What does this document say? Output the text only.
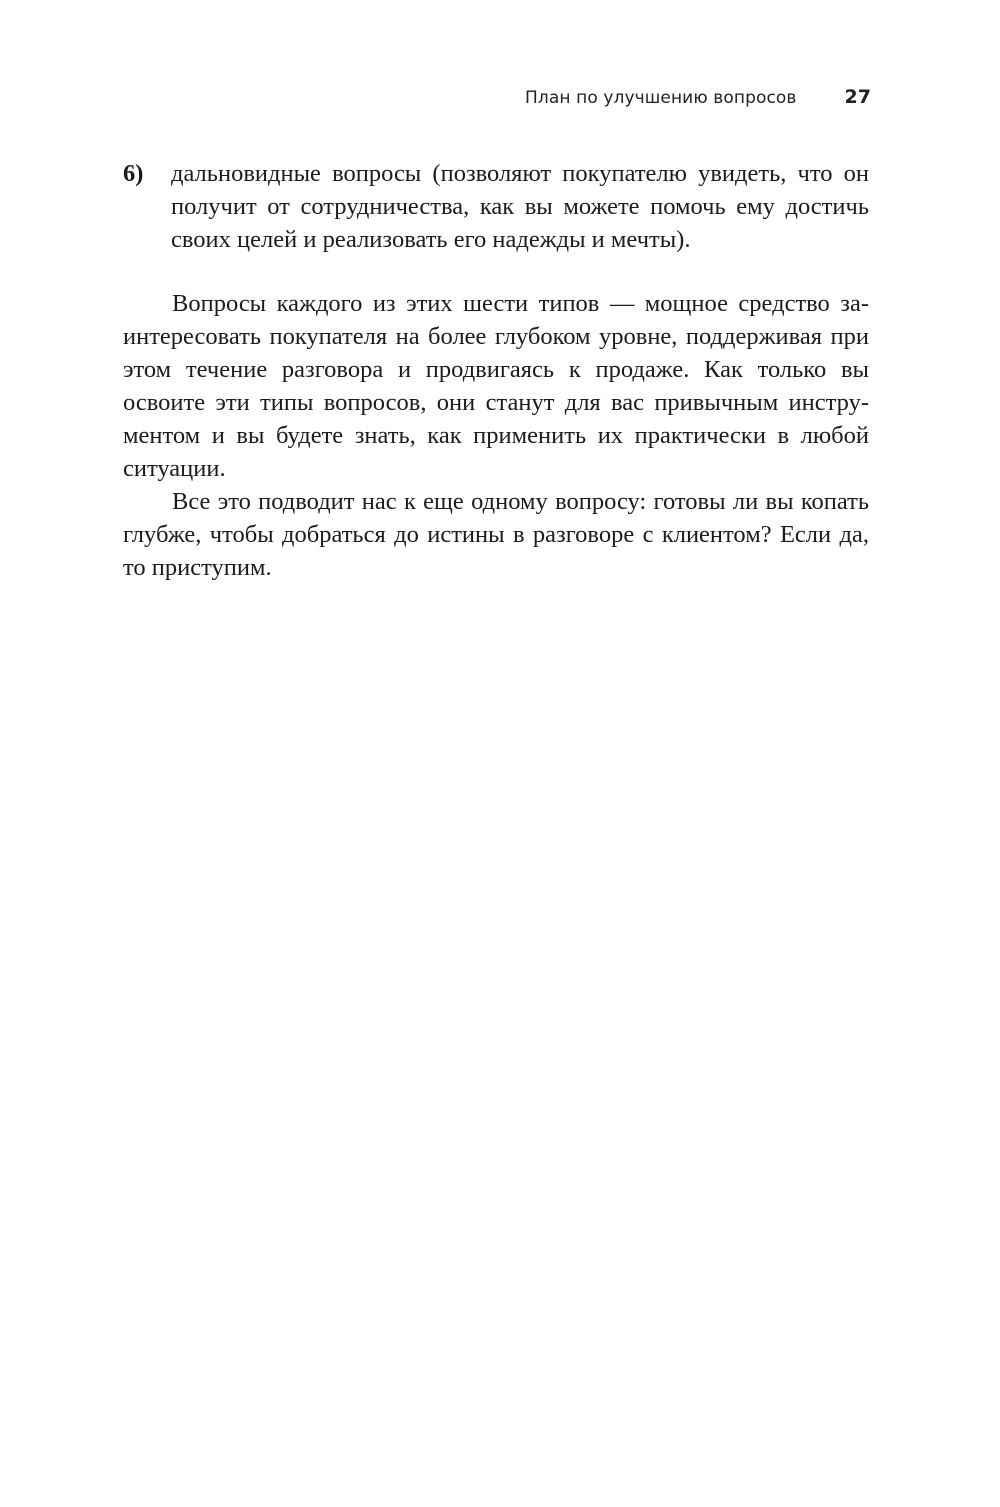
План по улучшению вопросов	27
6)	дальновидные вопросы (позволяют покупателю увидеть, что он получит от сотрудничества, как вы можете помочь ему достичь своих целей и реализовать его надежды и мечты).

Вопросы каждого из этих шести типов — мощное средство заинтересовать покупателя на более глубоком уровне, поддерживая при этом течение разговора и продвигаясь к продаже. Как только вы освоите эти типы вопросов, они станут для вас привычным инструментом и вы будете знать, как применить их практически в любой ситуации.

Все это подводит нас к еще одному вопросу: готовы ли вы копать глубже, чтобы добраться до истины в разговоре с клиентом? Если да, то приступим.
